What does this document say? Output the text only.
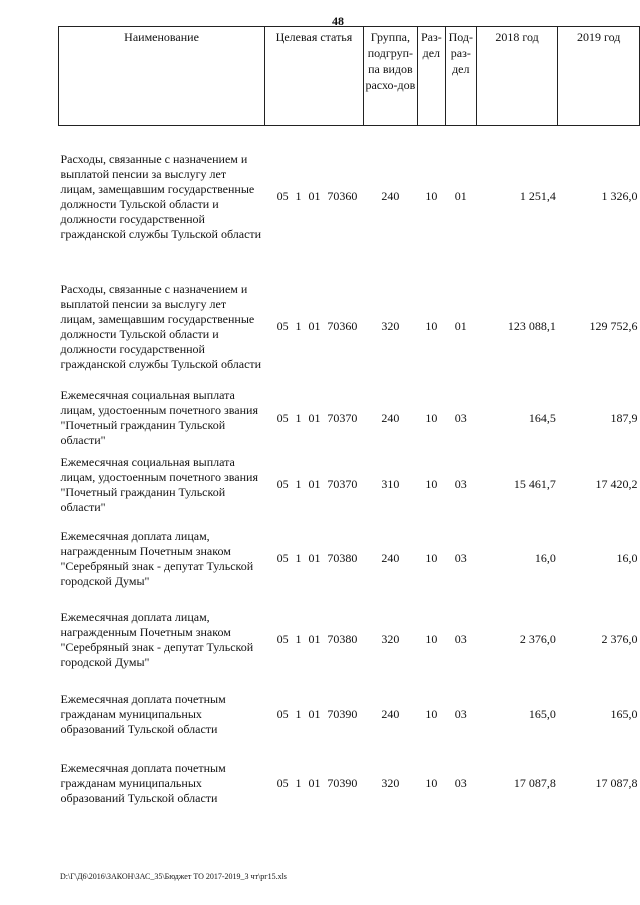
48
Наименование	Целевая статья	Группа, подгруп-па видов расхо-дов	Раз-дел	Под-раз-дел	2018 год	2019 год
Расходы, связанные с назначением и выплатой пенсии за выслугу лет лицам, замещавшим государственные должности Тульской области и должности государственной гражданской службы Тульской области	05 1 01 70360	240	10	01	1 251,4	1 326,0
Расходы, связанные с назначением и выплатой пенсии за выслугу лет лицам, замещавшим государственные должности Тульской области и должности государственной гражданской службы Тульской области	05 1 01 70360	320	10	01	123 088,1	129 752,6
Ежемесячная социальная выплата лицам, удостоенным почетного звания "Почетный гражданин Тульской области"	05 1 01 70370	240	10	03	164,5	187,9
Ежемесячная социальная выплата лицам, удостоенным почетного звания "Почетный гражданин Тульской области"	05 1 01 70370	310	10	03	15 461,7	17 420,2
Ежемесячная доплата лицам, награжденным Почетным знаком "Серебряный знак - депутат Тульской городской Думы"	05 1 01 70380	240	10	03	16,0	16,0
Ежемесячная доплата лицам, награжденным Почетным знаком "Серебряный знак - депутат Тульской городской Думы"	05 1 01 70380	320	10	03	2 376,0	2 376,0
Ежемесячная доплата почетным гражданам муниципальных образований Тульской области	05 1 01 70390	240	10	03	165,0	165,0
Ежемесячная доплата почетным гражданам муниципальных образований Тульской области	05 1 01 70390	320	10	03	17 087,8	17 087,8
D:\Г\Д6\2016\ЗАКОН\ЗАС_35\Бюджет ТО 2017-2019_3 чт\рг15.xls
